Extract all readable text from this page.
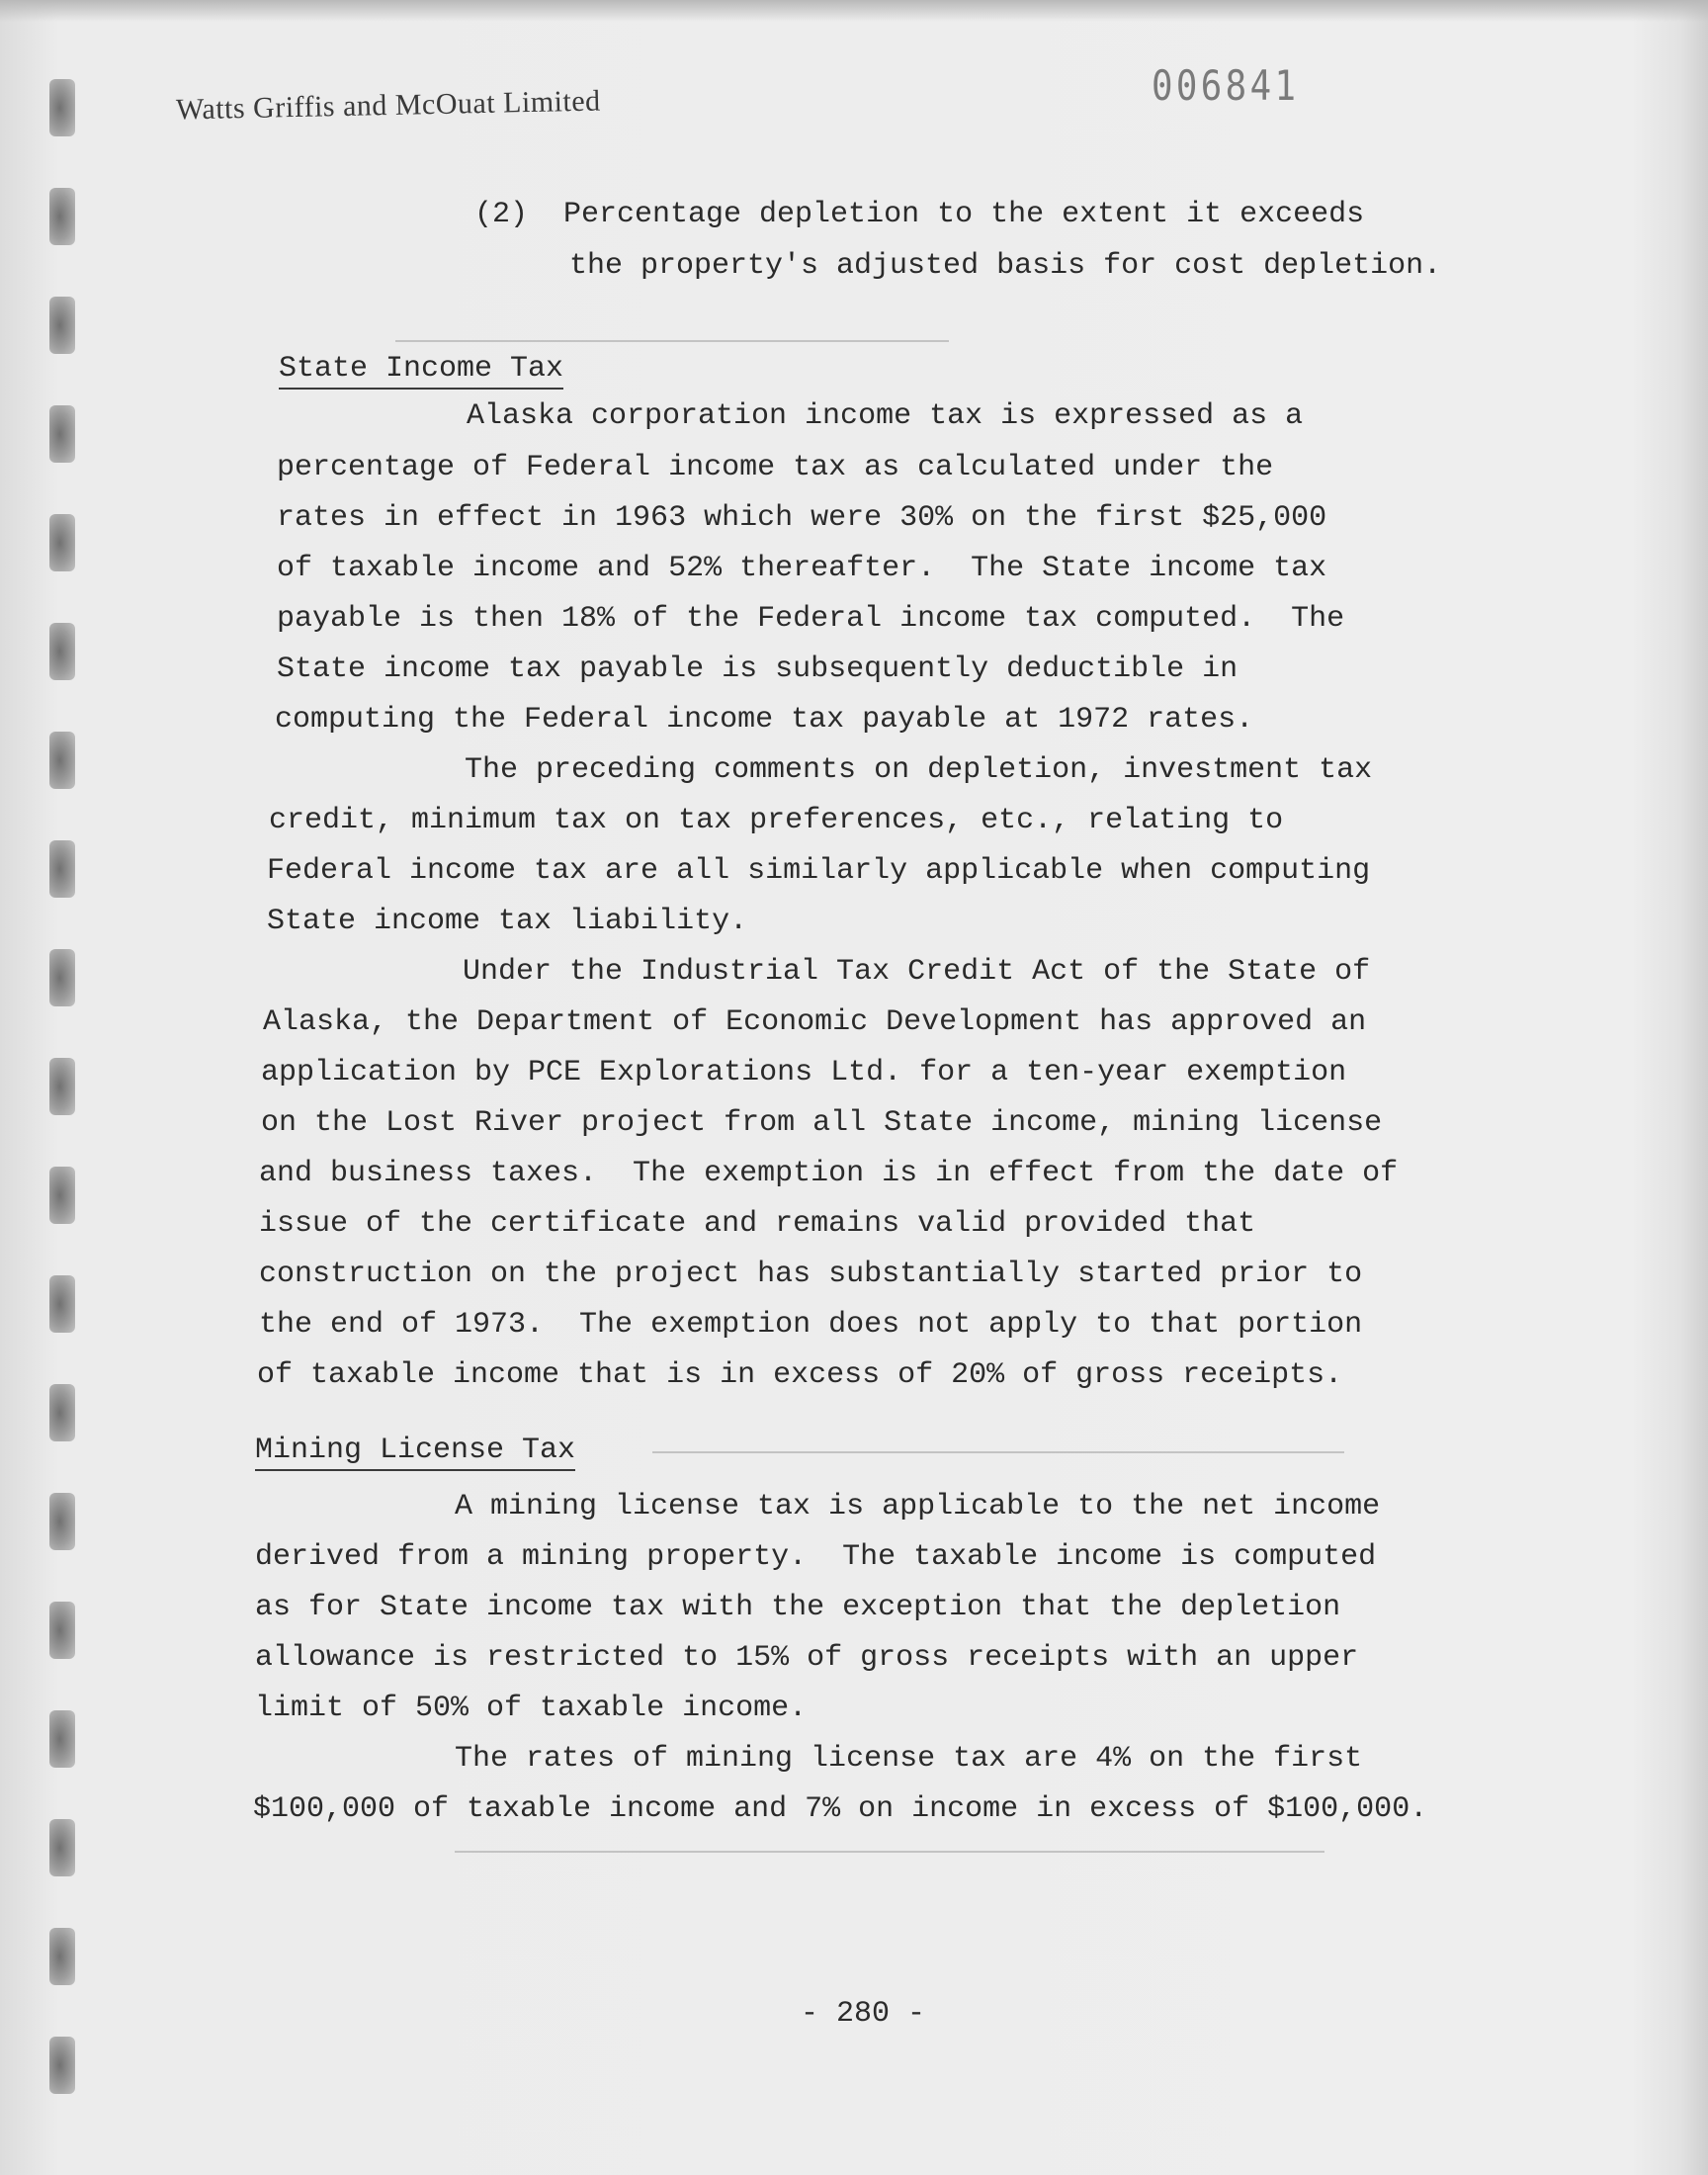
Watts Griffis and McOuat Limited	006841
(2)  Percentage depletion to the extent it exceeds
the property's adjusted basis for cost depletion.
State Income Tax
Alaska corporation income tax is expressed as a
percentage of Federal income tax as calculated under the
rates in effect in 1963 which were 30% on the first $25,000
of taxable income and 52% thereafter.  The State income tax
payable is then 18% of the Federal income tax computed.  The
State income tax payable is subsequently deductible in
computing the Federal income tax payable at 1972 rates.
The preceding comments on depletion, investment tax
credit, minimum tax on tax preferences, etc., relating to
Federal income tax are all similarly applicable when computing
State income tax liability.
Under the Industrial Tax Credit Act of the State of
Alaska, the Department of Economic Development has approved an
application by PCE Explorations Ltd. for a ten-year exemption
on the Lost River project from all State income, mining license
and business taxes.  The exemption is in effect from the date of
issue of the certificate and remains valid provided that
construction on the project has substantially started prior to
the end of 1973.  The exemption does not apply to that portion
of taxable income that is in excess of 20% of gross receipts.
Mining License Tax
A mining license tax is applicable to the net income
derived from a mining property.  The taxable income is computed
as for State income tax with the exception that the depletion
allowance is restricted to 15% of gross receipts with an upper
limit of 50% of taxable income.
The rates of mining license tax are 4% on the first
$100,000 of taxable income and 7% on income in excess of $100,000.
- 280 -
